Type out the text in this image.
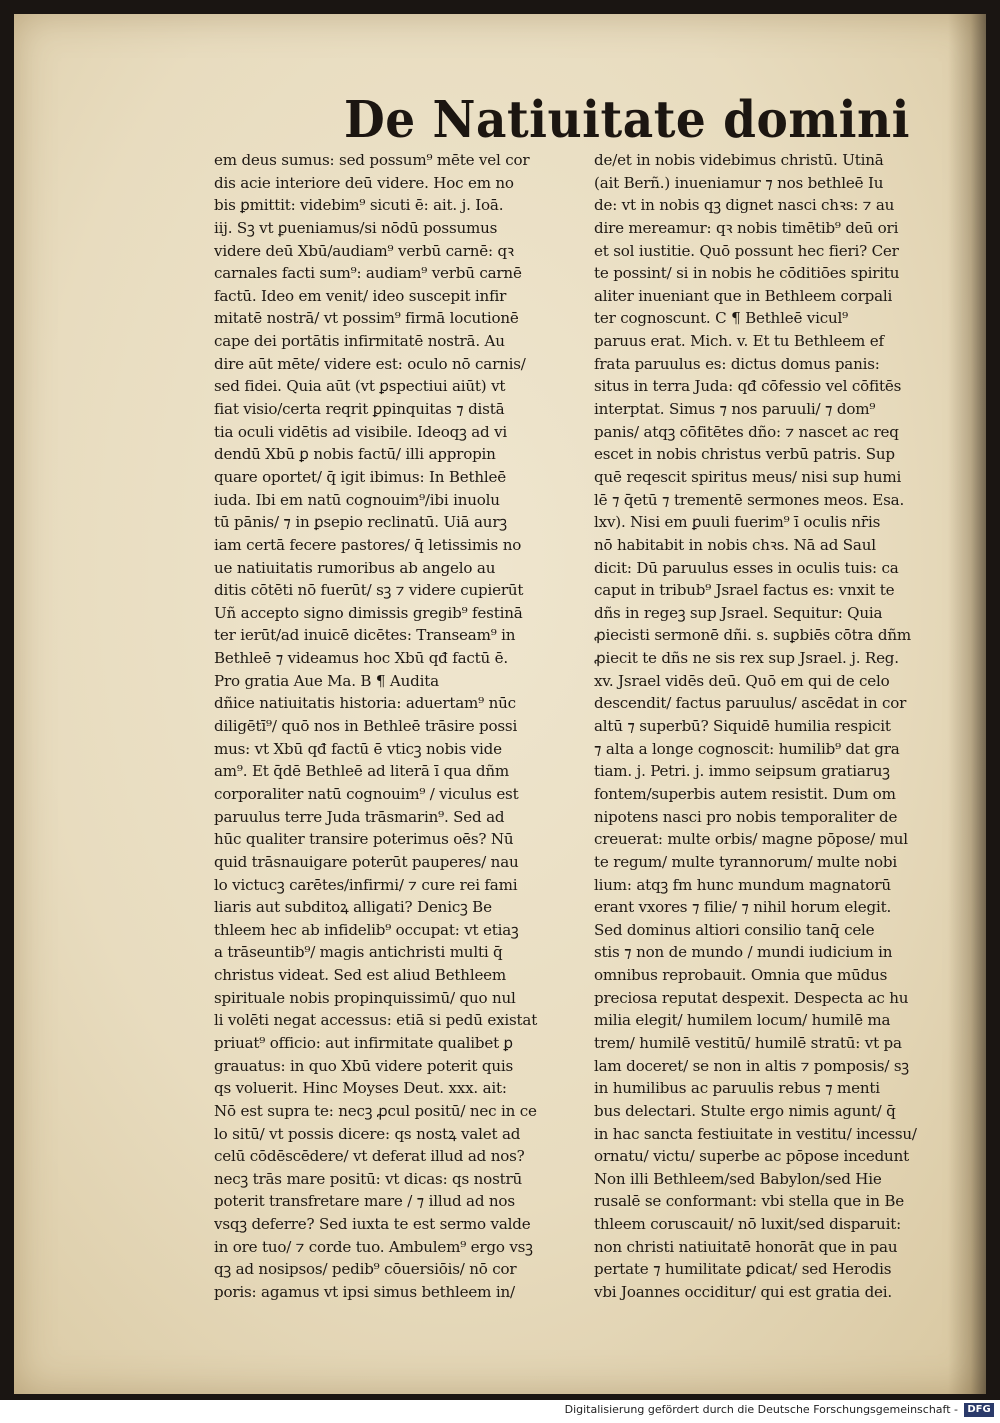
De Natiuitate domini
em deus sumus: sed possum⁹ mēte vel cor
dis acie interiore deū videre. Hoc em no
bis ꝑmittit: videbim⁹ sicuti ē: ait. j. Ioā.
iij. Sꝫ vt ꝑueniamus/si nōdū possumus
videre deū Xbū/audiam⁹ verbū carnē: qꝛ
carnales facti sum⁹: audiam⁹ verbū carnē
factū. Ideo em venit/ ideo suscepit infir
mitatē nostrā/ vt possim⁹ firmā locutionē
cape dei portātis infirmitatē nostrā. Au
dire aūt mēte/ videre est: oculo nō carnis/
sed fidei. Quia aūt (vt ꝑspectiui aiūt) vt
fiat visio/certa reqrit ꝑpinquitas ⁊ distā
tia oculi vidētis ad visibile. Ideoqꝫ ad vi
dendū Xbū ꝑ nobis factū/ illi appropin
quare oportet/ q̄ igit ibimus: In Bethleē
iuda. Ibi em natū cognouim⁹/ibi inuolu
tū pānis/ ⁊ in ꝑsepio reclinatū. Uiā aurꝫ
iam certā fecere pastores/ q̄ letissimis no
ue natiuitatis rumoribus ab angelo au
ditis cōtēti nō fuerūt/ sꝫ ⁊ videre cupierūt
Uñ accepto signo dimissis gregib⁹ festinā
ter ierūt/ad inuicē dicētes: Transeam⁹ in
Bethleē ⁊ videamus hoc Xbū qđ factū ē.
Pro gratia Aue Ma. B ¶ Audita
dñice natiuitatis historia: aduertam⁹ nūc
diligētī⁹/ quō nos in Bethleē trāsire possi
mus: vt Xbū qđ factū ē vticꝫ nobis vide
am⁹. Et q̄dē Bethleē ad literā ī qua dñm
corporaliter natū cognouim⁹ / viculus est
paruulus terre Juda trāsmarin⁹. Sed ad
hūc qualiter transire poterimus oēs? Nū
quid trāsnauigare poterūt pauperes/ nau
lo victucꝫ carētes/infirmi/ ⁊ cure rei fami
liaris aut subditoꝝ alligati? Denicꝫ Be
thleem hec ab infidelib⁹ occupat: vt etiaꝫ
a trāseuntib⁹/ magis antichristi multi q̄
christus videat. Sed est aliud Bethleem
spirituale nobis propinquissimū/ quo nul
li volēti negat accessus: etiā si pedū existat
priuat⁹ officio: aut infirmitate qualibet ꝑ
grauatus: in quo Xbū videre poterit quis
qs voluerit. Hinc Moyses Deut. xxx. ait:
Nō est supra te: necꝫ ꝓcul positū/ nec in ce
lo sitū/ vt possis dicere: qs nostꝝ valet ad
celū cōdēscēdere/ vt deferat illud ad nos?
necꝫ trās mare positū: vt dicas: qs nostrū
poterit transfretare mare / ⁊ illud ad nos
vsqꝫ deferre? Sed iuxta te est sermo valde
in ore tuo/ ⁊ corde tuo. Ambulem⁹ ergo vsꝫ
qꝫ ad nosipsos/ pedib⁹ cōuersiōis/ nō cor
poris: agamus vt ipsi simus bethleem in/
de/et in nobis videbimus christū. Utinā
(ait Berñ.) inueniamur ⁊ nos bethleē Iu
de: vt in nobis qꝫ dignet nasci chꝛs: ⁊ au
dire mereamur: qꝛ nobis timētib⁹ deū ori
et sol iustitie. Quō possunt hec fieri? Cer
te possint/ si in nobis he cōditiōes spiritu
aliter inueniant que in Bethleem corpali
ter cognoscunt. C ¶ Bethleē vicul⁹
paruus erat. Mich. v. Et tu Bethleem ef
frata paruulus es: dictus domus panis:
situs in terra Juda: qđ cōfessio vel cōfitēs
interptat. Simus ⁊ nos paruuli/ ⁊ dom⁹
panis/ atqꝫ cōfitētes dño: ⁊ nascet ac req
escet in nobis christus verbū patris. Sup
quē reqescit spiritus meus/ nisi sup humi
lē ⁊ q̄etū ⁊ trementē sermones meos. Esa.
lxv). Nisi em ꝑuuli fuerim⁹ ī oculis nr̄is
nō habitabit in nobis chꝛs. Nā ad Saul
dicit: Dū paruulus esses in oculis tuis: ca
caput in tribub⁹ Jsrael factus es: vnxit te
dñs in regeꝫ sup Jsrael. Sequitur: Quia
ꝓiecisti sermonē dñi. s. suꝑbiēs cōtra dñm
ꝓiecit te dñs ne sis rex sup Jsrael. j. Reg.
xv. Jsrael vidēs deū. Quō em qui de celo
descendit/ factus paruulus/ ascēdat in cor
altū ⁊ superbū? Siquidē humilia respicit
⁊ alta a longe cognoscit: humilib⁹ dat gra
tiam. j. Petri. j. immo seipsum gratiaruꝫ
fontem/superbis autem resistit. Dum om
nipotens nasci pro nobis temporaliter de
creuerat: multe orbis/ magne pōpose/ mul
te regum/ multe tyrannorum/ multe nobi
lium: atqꝫ fm hunc mundum magnatorū
erant vxores ⁊ filie/ ⁊ nihil horum elegit.
Sed dominus altiori consilio tanq̄ cele
stis ⁊ non de mundo / mundi iudicium in
omnibus reprobauit. Omnia que mūdus
preciosa reputat despexit. Despecta ac hu
milia elegit/ humilem locum/ humilē ma
trem/ humilē vestitū/ humilē stratū: vt pa
lam doceret/ se non in altis ⁊ pomposis/ sꝫ
in humilibus ac paruulis rebus ⁊ menti
bus delectari. Stulte ergo nimis agunt/ q̄
in hac sancta festiuitate in vestitu/ incessu/
ornatu/ victu/ superbe ac pōpose incedunt
Non illi Bethleem/sed Babylon/sed Hie
rusalē se conformant: vbi stella que in Be
thleem coruscauit/ nō luxit/sed disparuit:
non christi natiuitatē honorāt que in pau
pertate ⁊ humilitate ꝑdicat/ sed Herodis
vbi Joannes occiditur/ qui est gratia dei.
Digitalisierung gefördert durch die Deutsche Forschungsgemeinschaft - DFG
